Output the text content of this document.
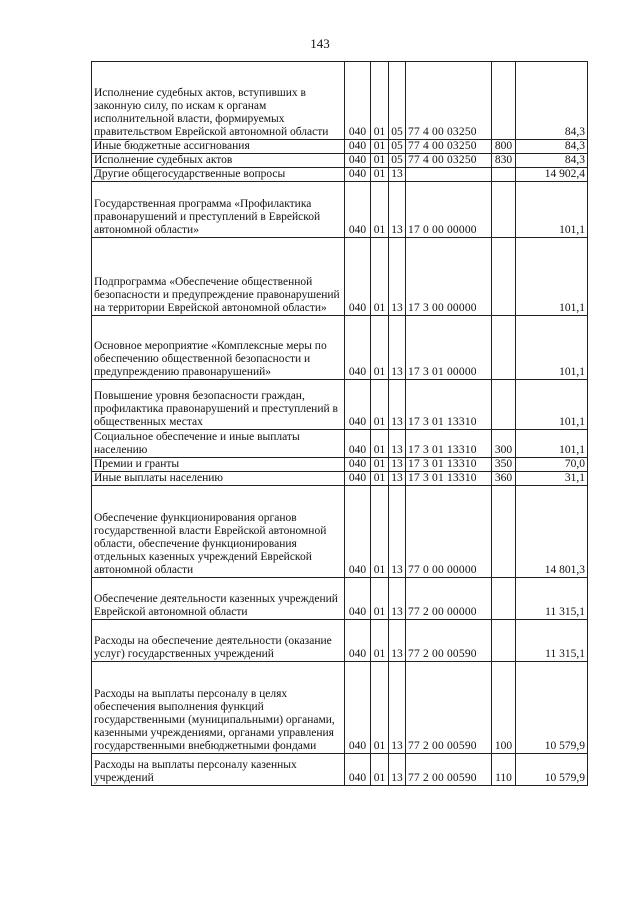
143
Исполнение судебных актов, вступивших в законную силу, по искам к органам исполнительной власти, формируемых правительством Еврейской автономной области	040	01	05	77 4 00 03250		84,3

Иные бюджетные ассигнования	040	01	05	77 4 00 03250	800	84,3

Исполнение судебных актов	040	01	05	77 4 00 03250	830	84,3

Другие общегосударственные вопросы	040	01	13			14 902,4

Государственная программа «Профилактика правонарушений и преступлений в Еврейской автономной области»	040	01	13	17 0 00 00000		101,1

Подпрограмма «Обеспечение общественной безопасности и предупреждение правонарушений на территории Еврейской автономной области»	040	01	13	17 3 00 00000		101,1

Основное мероприятие «Комплексные меры по обеспечению общественной безопасности и предупреждению правонарушений»	040	01	13	17 3 01 00000		101,1

Повышение уровня безопасности граждан, профилактика правонарушений и преступлений в общественных местах	040	01	13	17 3 01 13310		101,1

Социальное обеспечение и иные выплаты населению	040	01	13	17 3 01 13310	300	101,1

Премии и гранты	040	01	13	17 3 01 13310	350	70,0

Иные выплаты населению	040	01	13	17 3 01 13310	360	31,1

Обеспечение функционирования органов государственной власти Еврейской автономной области, обеспечение функционирования отдельных казенных учреждений Еврейской автономной области	040	01	13	77 0 00 00000		14 801,3

Обеспечение деятельности казенных учреждений Еврейской автономной области	040	01	13	77 2 00 00000		11 315,1

Расходы на обеспечение деятельности (оказание услуг) государственных учреждений	040	01	13	77 2 00 00590		11 315,1

Расходы на выплаты персоналу в целях обеспечения выполнения функций государственными (муниципальными) органами, казенными учреждениями, органами управления государственными внебюджетными фондами	040	01	13	77 2 00 00590	100	10 579,9

Расходы на выплаты персоналу казенных учреждений	040	01	13	77 2 00 00590	110	10 579,9
